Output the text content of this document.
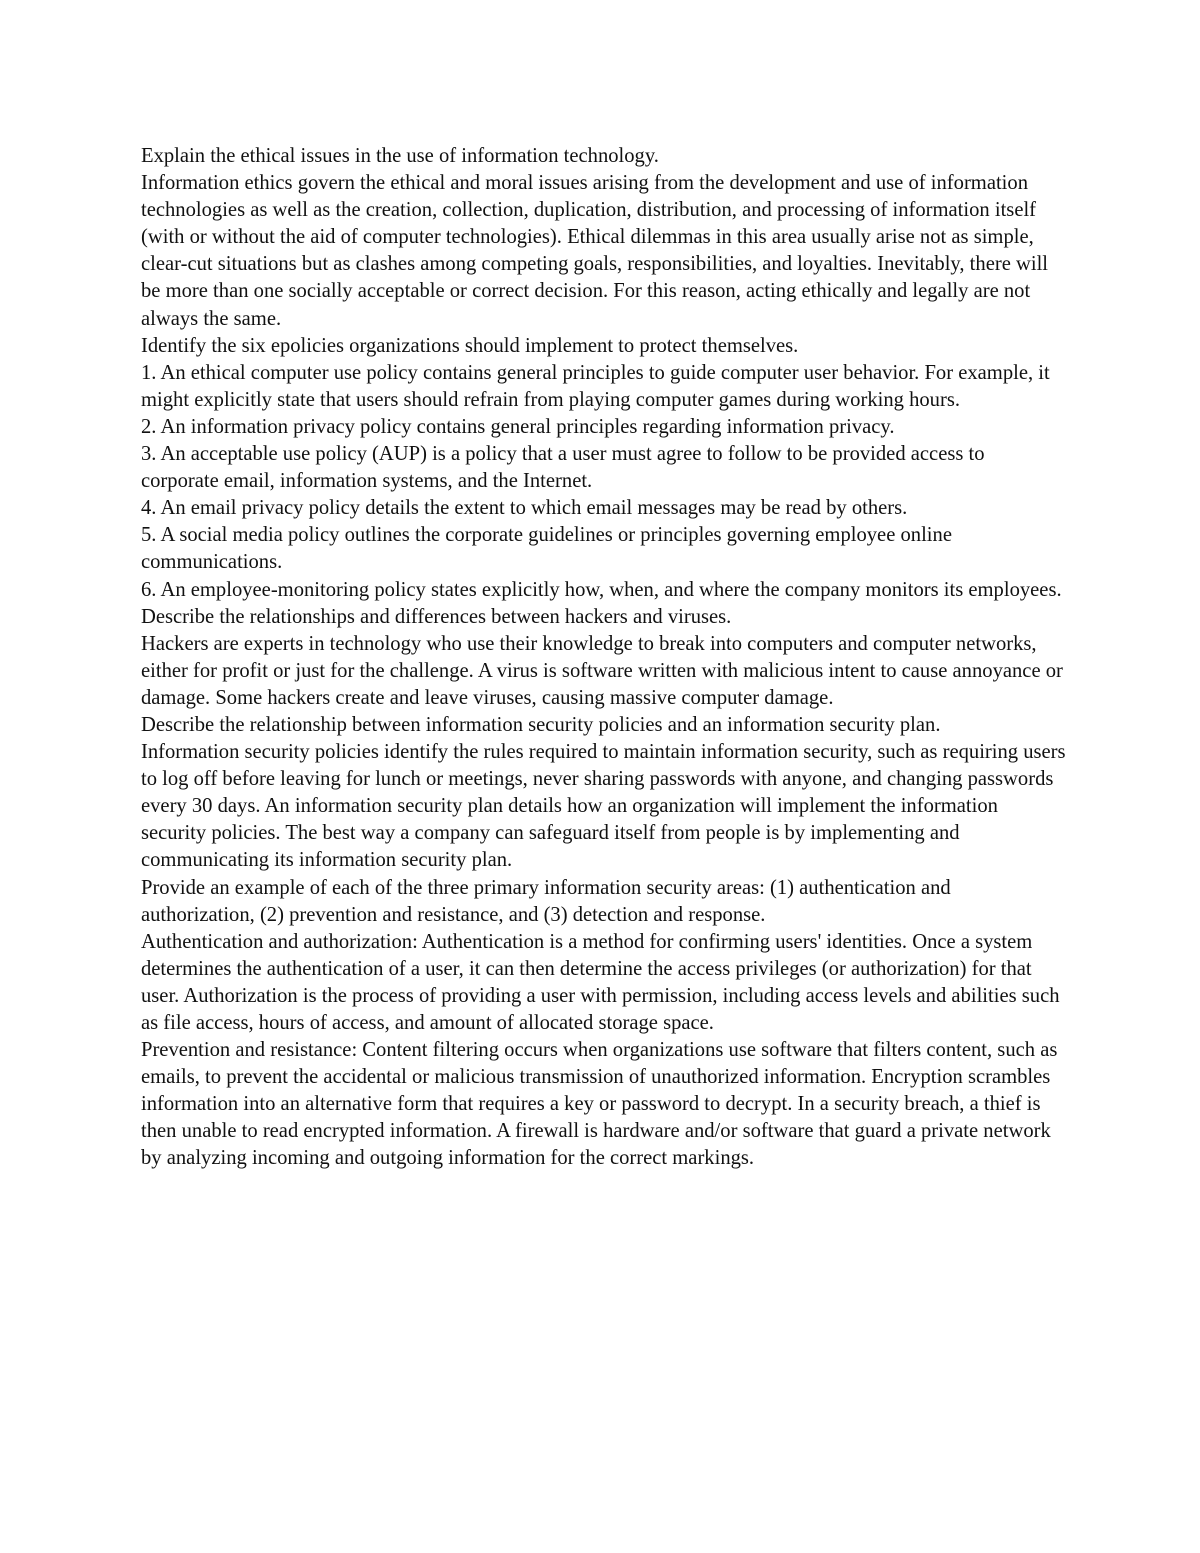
Explain the ethical issues in the use of information technology.

Information ethics govern the ethical and moral issues arising from the development and use of information technologies as well as the creation, collection, duplication, distribution, and processing of information itself (with or without the aid of computer technologies). Ethical dilemmas in this area usually arise not as simple, clear-cut situations but as clashes among competing goals, responsibilities, and loyalties. Inevitably, there will be more than one socially acceptable or correct decision. For this reason, acting ethically and legally are not always the same.

Identify the six epolicies organizations should implement to protect themselves.

1. An ethical computer use policy contains general principles to guide computer user behavior. For example, it might explicitly state that users should refrain from playing computer games during working hours.

2. An information privacy policy contains general principles regarding information privacy.

3. An acceptable use policy (AUP) is a policy that a user must agree to follow to be provided access to corporate email, information systems, and the Internet.

4. An email privacy policy details the extent to which email messages may be read by others.

5. A social media policy outlines the corporate guidelines or principles governing employee online communications.

6. An employee-monitoring policy states explicitly how, when, and where the company monitors its employees.

Describe the relationships and differences between hackers and viruses.

Hackers are experts in technology who use their knowledge to break into computers and computer networks, either for profit or just for the challenge. A virus is software written with malicious intent to cause annoyance or damage. Some hackers create and leave viruses, causing massive computer damage.

Describe the relationship between information security policies and an information security plan.

Information security policies identify the rules required to maintain information security, such as requiring users to log off before leaving for lunch or meetings, never sharing passwords with anyone, and changing passwords every 30 days. An information security plan details how an organization will implement the information security policies. The best way a company can safeguard itself from people is by implementing and communicating its information security plan.

Provide an example of each of the three primary information security areas: (1) authentication and authorization, (2) prevention and resistance, and (3) detection and response.

Authentication and authorization: Authentication is a method for confirming users' identities. Once a system determines the authentication of a user, it can then determine the access privileges (or authorization) for that user. Authorization is the process of providing a user with permission, including access levels and abilities such as file access, hours of access, and amount of allocated storage space.

Prevention and resistance: Content filtering occurs when organizations use software that filters content, such as emails, to prevent the accidental or malicious transmission of unauthorized information. Encryption scrambles information into an alternative form that requires a key or password to decrypt. In a security breach, a thief is then unable to read encrypted information. A firewall is hardware and/or software that guard a private network by analyzing incoming and outgoing information for the correct markings.
